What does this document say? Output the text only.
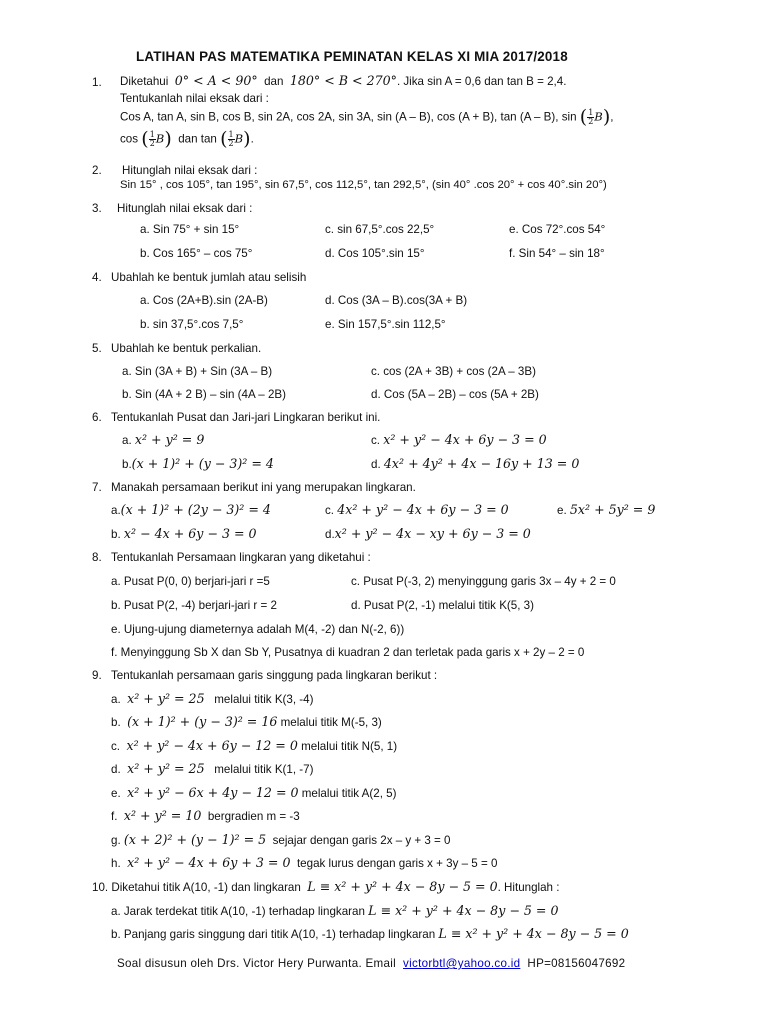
LATIHAN PAS MATEMATIKA PEMINATAN KELAS XI MIA 2017/2018
1. Diketahui 0° < A < 90° dan 180° < B < 270°. Jika sin A = 0,6 dan tan B = 2,4.
Tentukanlah nilai eksak dari :
Cos A, tan A, sin B, cos B, sin 2A, cos 2A, sin 3A, sin (A – B), cos (A + B), tan (A – B), sin ( $\frac{1}{2} B$),
cos ( $\frac{1}{2} B$) dan tan ( $\frac{1}{2} B$).
2. Hitunglah nilai eksak dari :
Sin 15° , cos 105°, tan 195°, sin 67,5°, cos 112,5°, tan 292,5°, (sin 40° .cos 20° + cos 40°.sin 20°)
3. Hitunglah nilai eksak dari :
a. Sin 75° + sin 15°	c. sin 67,5°.cos 22,5°	e. Cos 72°.cos 54°
b. Cos 165° – cos 75°	d. Cos 105°.sin 15°	f. Sin 54° – sin 18°
4. Ubahlah ke bentuk jumlah atau selisih
a. Cos (2A+B).sin (2A-B)	d. Cos (3A – B).cos(3A + B)
b. sin 37,5°.cos 7,5°	e. Sin 157,5°.sin 112,5°
5. Ubahlah ke bentuk perkalian.
a. Sin (3A + B) + Sin (3A – B)	c. cos (2A + 3B) + cos (2A – 3B)
b. Sin (4A + 2 B) – sin (4A – 2B)	d. Cos (5A – 2B) – cos (5A + 2B)
6. Tentukanlah Pusat dan Jari-jari Lingkaran berikut ini.
a. x² + y² = 9	c. x² + y² − 4x + 6y − 3 = 0
b.(x + 1)² + (y − 3)² = 4	d. 4x² + 4y² + 4x − 16y + 13 = 0
7. Manakah persamaan berikut ini yang merupakan lingkaran.
a.(x + 1)² + (2y − 3)² = 4	c. 4x² + y² − 4x + 6y − 3 = 0	e. 5x² + 5y² = 9
b. x² − 4x + 6y − 3 = 0	d.x² + y² − 4x − xy + 6y − 3 = 0
8. Tentukanlah Persamaan lingkaran yang diketahui :
a. Pusat P(0, 0) berjari-jari r =5	c. Pusat P(-3, 2) menyinggung garis 3x – 4y + 2 = 0
b. Pusat P(2, -4) berjari-jari r = 2	d. Pusat P(2, -1) melalui titik K(5, 3)
e. Ujung-ujung diameternya adalah M(4, -2) dan N(-2, 6))
f. Menyinggung Sb X dan Sb Y, Pusatnya di kuadran 2 dan terletak pada garis x + 2y – 2 = 0
9. Tentukanlah persamaan garis singgung pada lingkaran berikut :
a. x² + y² = 25 melalui titik K(3, -4)
b. (x + 1)² + (y − 3)² = 16 melalui titik M(-5, 3)
c. x² + y² − 4x + 6y − 12 = 0 melalui titik N(5, 1)
d. x² + y² = 25 melalui titik K(1, -7)
e. x² + y² − 6x + 4y − 12 = 0 melalui titik A(2, 5)
f. x² + y² = 10 bergradien m = -3
g. (x + 2)² + (y − 1)² = 5 sejajar dengan garis 2x – y + 3 = 0
h. x² + y² − 4x + 6y + 3 = 0 tegak lurus dengan garis x + 3y – 5 = 0
10. Diketahui titik A(10, -1) dan lingkaran L ≡ x² + y² + 4x − 8y − 5 = 0. Hitunglah :
a. Jarak terdekat titik A(10, -1) terhadap lingkaran L ≡ x² + y² + 4x − 8y − 5 = 0
b. Panjang garis singgung dari titik A(10, -1) terhadap lingkaran L ≡ x² + y² + 4x − 8y − 5 = 0
Soal disusun oleh Drs. Victor Hery Purwanta. Email victorbtl@yahoo.co.id HP=08156047692
